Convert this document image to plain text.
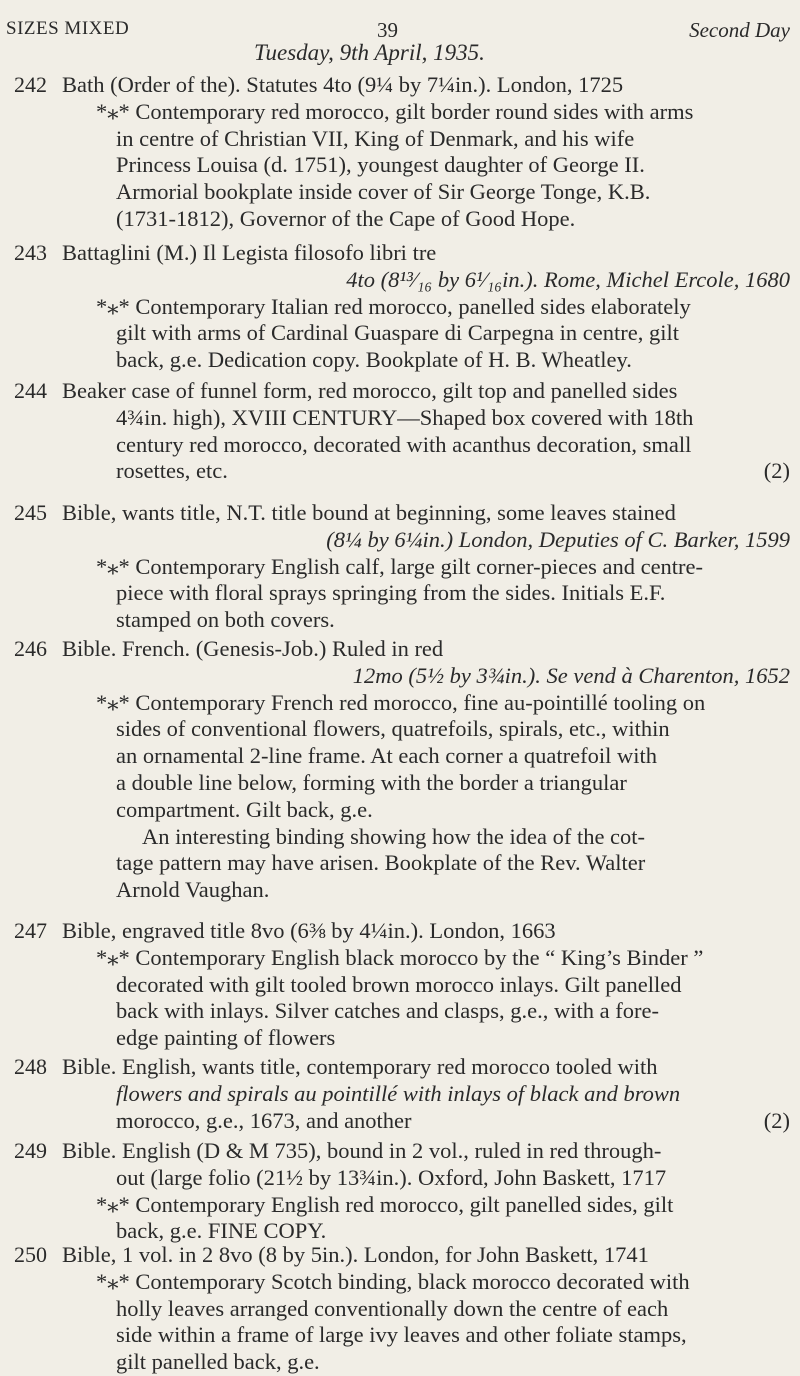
SIZES MIXED	39	Second Day
Tuesday, 9th April, 1935.
242 Bath (Order of the). Statutes 4to (9¼ by 7¼in.). London, 1725
*⁎* Contemporary red morocco, gilt border round sides with arms
in centre of Christian VII, King of Denmark, and his wife
Princess Louisa (d. 1751), youngest daughter of George II.
Armorial bookplate inside cover of Sir George Tonge, K.B.
(1731-1812), Governor of the Cape of Good Hope.
243 Battaglini (M.) Il Legista filosofo libri tre
4to (8¹³⁄₁₆ by 6¹⁄₁₆in.). Rome, Michel Ercole, 1680
*⁎* Contemporary Italian red morocco, panelled sides elaborately
gilt with arms of Cardinal Guaspare di Carpegna in centre, gilt
back, g.e. Dedication copy. Bookplate of H. B. Wheatley.
244 Beaker case of funnel form, red morocco, gilt top and panelled sides
4¾in. high), XVIII CENTURY—Shaped box covered with 18th
century red morocco, decorated with acanthus decoration, small
rosettes, etc.	(2)
245 Bible, wants title, N.T. title bound at beginning, some leaves stained
(8¼ by 6¼in.) London, Deputies of C. Barker, 1599
*⁎* Contemporary English calf, large gilt corner-pieces and centre-
piece with floral sprays springing from the sides. Initials E.F.
stamped on both covers.
246 Bible. French. (Genesis-Job.) Ruled in red
12mo (5½ by 3¾in.). Se vend à Charenton, 1652
*⁎* Contemporary French red morocco, fine au-pointillé tooling on
sides of conventional flowers, quatrefoils, spirals, etc., within
an ornamental 2-line frame. At each corner a quatrefoil with
a double line below, forming with the border a triangular
compartment. Gilt back, g.e.
An interesting binding showing how the idea of the cot-
tage pattern may have arisen. Bookplate of the Rev. Walter
Arnold Vaughan.
247 Bible, engraved title 8vo (6⅜ by 4¼in.). London, 1663
*⁎* Contemporary English black morocco by the “ King’s Binder ”
decorated with gilt tooled brown morocco inlays. Gilt panelled
back with inlays. Silver catches and clasps, g.e., with a fore-
edge painting of flowers
248 Bible. English, wants title, contemporary red morocco tooled with
flowers and spirals au pointillé with inlays of black and brown
morocco, g.e., 1673, and another	(2)
249 Bible. English (D & M 735), bound in 2 vol., ruled in red through-
out (large folio (21½ by 13¾in.). Oxford, John Baskett, 1717
*⁎* Contemporary English red morocco, gilt panelled sides, gilt
back, g.e. FINE COPY.
250 Bible, 1 vol. in 2 8vo (8 by 5in.). London, for John Baskett, 1741
*⁎* Contemporary Scotch binding, black morocco decorated with
holly leaves arranged conventionally down the centre of each
side within a frame of large ivy leaves and other foliate stamps,
gilt panelled back, g.e.
